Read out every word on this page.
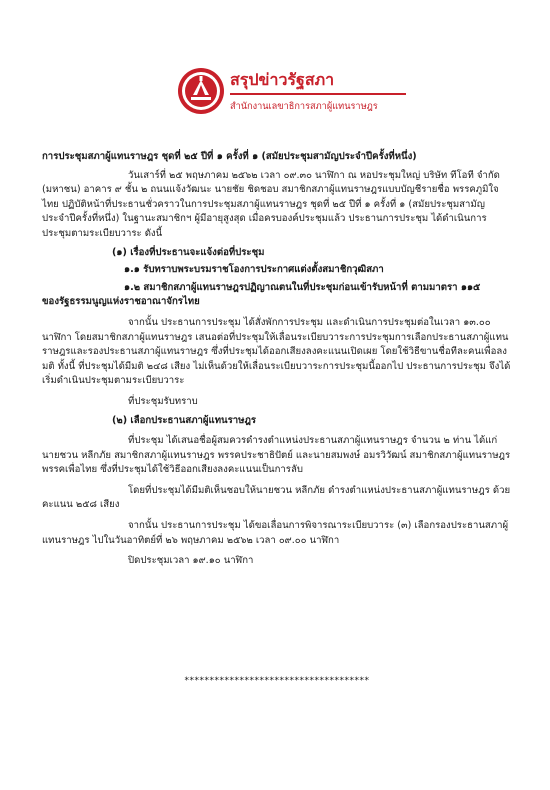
สรุปข่าวรัฐสภา
สำนักงานเลขาธิการสภาผู้แทนราษฎร

การประชุมสภาผู้แทนราษฎร ชุดที่ ๒๕ ปีที่ ๑ ครั้งที่ ๑ (สมัยประชุมสามัญประจำปีครั้งที่หนึ่ง)

วันเสาร์ที่ ๒๕ พฤษภาคม ๒๕๖๒ เวลา ๐๙.๓๐ นาฬิกา ณ หอประชุมใหญ่ บริษัท ทีโอที จำกัด (มหาชน) อาคาร ๙ ชั้น ๒ ถนนแจ้งวัฒนะ นายชัย ชิดชอบ สมาชิกสภาผู้แทนราษฎรแบบบัญชีรายชื่อ พรรคภูมิใจไทย ปฏิบัติหน้าที่ประธานชั่วคราวในการประชุมสภาผู้แทนราษฎร ชุดที่ ๒๕ ปีที่ ๑ ครั้งที่ ๑ (สมัยประชุมสามัญประจำปีครั้งที่หนึ่ง) ในฐานะสมาชิกฯ ผู้มีอายุสูงสุด เมื่อครบองค์ประชุมแล้ว ประธานการประชุม ได้ดำเนินการประชุมตามระเบียบวาระ ดังนี้

(๑) เรื่องที่ประธานจะแจ้งต่อที่ประชุม

๑.๑ รับทราบพระบรมราชโองการประกาศแต่งตั้งสมาชิกวุฒิสภา

๑.๒ สมาชิกสภาผู้แทนราษฎรปฏิญาณตนในที่ประชุมก่อนเข้ารับหน้าที่ ตามมาตรา ๑๑๕

ของรัฐธรรมนูญแห่งราชอาณาจักรไทย

จากนั้น ประธานการประชุม ได้สั่งพักการประชุม และดำเนินการประชุมต่อในเวลา ๑๓.๐๐ นาฬิกา โดยสมาชิกสภาผู้แทนราษฎร เสนอต่อที่ประชุมให้เลื่อนระเบียบวาระการประชุมการเลือกประธานสภาผู้แทนราษฎรและรองประธานสภาผู้แทนราษฎร ซึ่งที่ประชุมได้ออกเสียงลงคะแนนเปิดเผย โดยใช้วิธีขานชื่อทีละคนเพื่อลงมติ ทั้งนี้ ที่ประชุมได้มีมติ ๒๔๘ เสียง ไม่เห็นด้วยให้เลื่อนระเบียบวาระการประชุมนี้ออกไป ประธานการประชุม จึงได้เริ่มดำเนินประชุมตามระเบียบวาระ

ที่ประชุมรับทราบ

(๒) เลือกประธานสภาผู้แทนราษฎร

ที่ประชุม ได้เสนอชื่อผู้สมควรดำรงตำแหน่งประธานสภาผู้แทนราษฎร จำนวน ๒ ท่าน ได้แก่ นายชวน หลีกภัย สมาชิกสภาผู้แทนราษฎร พรรคประชาธิปัตย์ และนายสมพงษ์ อมรวิวัฒน์ สมาชิกสภาผู้แทนราษฎร พรรคเพื่อไทย ซึ่งที่ประชุมได้ใช้วิธีออกเสียงลงคะแนนเป็นการลับ

โดยที่ประชุมได้มีมติเห็นชอบให้นายชวน หลีกภัย ดำรงตำแหน่งประธานสภาผู้แทนราษฎร ด้วยคะแนน ๒๕๘ เสียง

จากนั้น ประธานการประชุม ได้ขอเลื่อนการพิจารณาระเบียบวาระ (๓) เลือกรองประธานสภาผู้แทนราษฎร ไปในวันอาทิตย์ที่ ๒๖ พฤษภาคม ๒๕๖๒ เวลา ๐๙.๐๐ นาฬิกา

ปิดประชุมเวลา ๑๙.๑๐ นาฬิกา

*************************************
